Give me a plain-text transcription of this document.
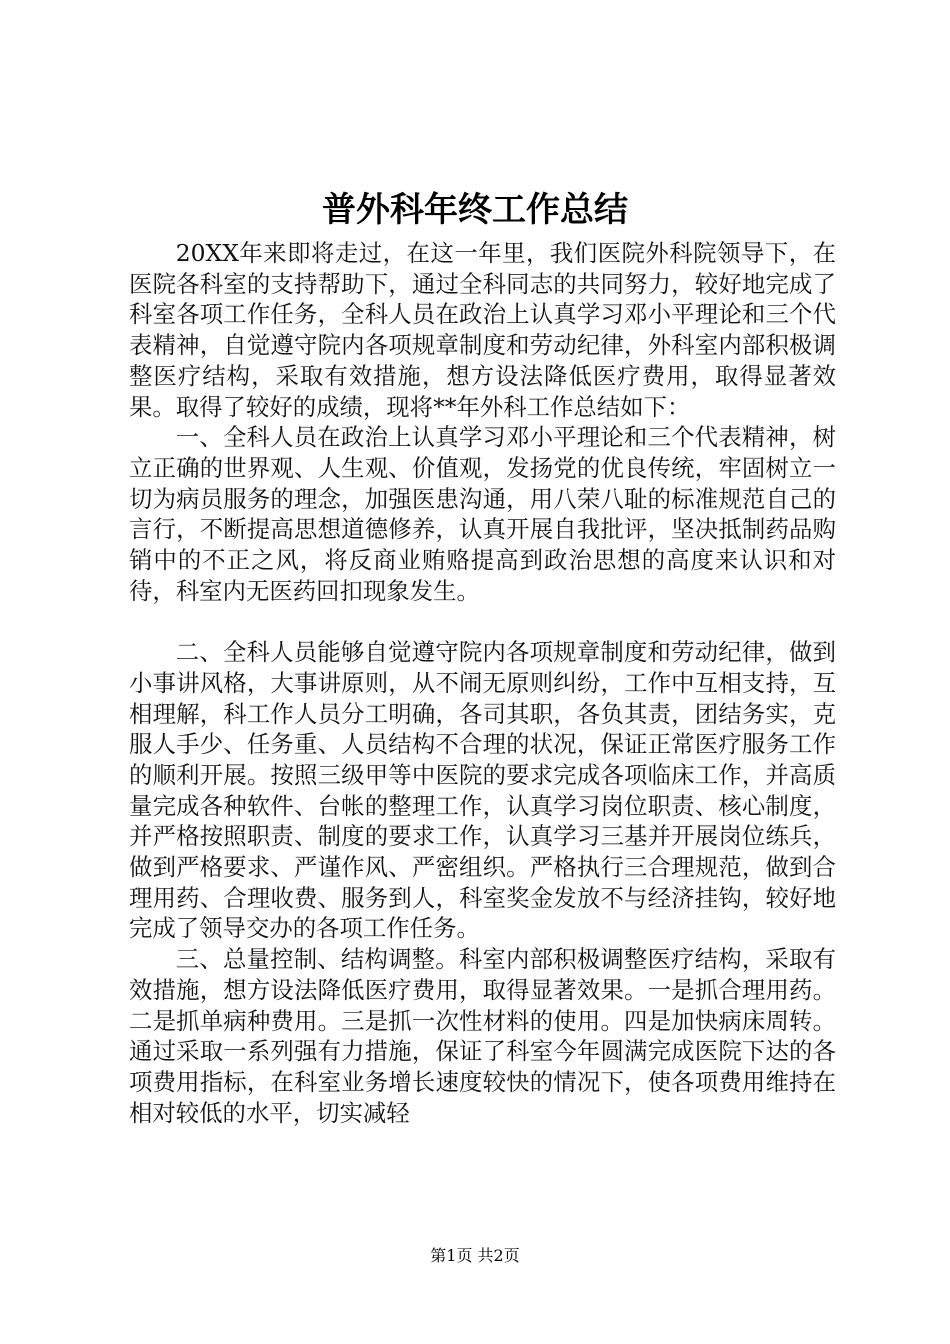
普外科年终工作总结

20XX年来即将走过，在这一年里，我们医院外科院领导下，在医院各科室的支持帮助下，通过全科同志的共同努力，较好地完成了科室各项工作任务，全科人员在政治上认真学习邓小平理论和三个代表精神，自觉遵守院内各项规章制度和劳动纪律，外科室内部积极调整医疗结构，采取有效措施，想方设法降低医疗费用，取得显著效果。取得了较好的成绩，现将**年外科工作总结如下：

一、全科人员在政治上认真学习邓小平理论和三个代表精神，树立正确的世界观、人生观、价值观，发扬党的优良传统，牢固树立一切为病员服务的理念，加强医患沟通，用八荣八耻的标准规范自己的言行，不断提高思想道德修养，认真开展自我批评，坚决抵制药品购销中的不正之风，将反商业贿赂提高到政治思想的高度来认识和对待，科室内无医药回扣现象发生。

二、全科人员能够自觉遵守院内各项规章制度和劳动纪律，做到小事讲风格，大事讲原则，从不闹无原则纠纷，工作中互相支持，互相理解，科工作人员分工明确，各司其职，各负其责，团结务实，克服人手少、任务重、人员结构不合理的状况，保证正常医疗服务工作的顺利开展。按照三级甲等中医院的要求完成各项临床工作，并高质量完成各种软件、台帐的整理工作，认真学习岗位职责、核心制度，并严格按照职责、制度的要求工作，认真学习三基并开展岗位练兵，做到严格要求、严谨作风、严密组织。严格执行三合理规范，做到合理用药、合理收费、服务到人，科室奖金发放不与经济挂钩，较好地完成了领导交办的各项工作任务。

三、总量控制、结构调整。科室内部积极调整医疗结构，采取有效措施，想方设法降低医疗费用，取得显著效果。一是抓合理用药。二是抓单病种费用。三是抓一次性材料的使用。四是加快病床周转。通过采取一系列强有力措施，保证了科室今年圆满完成医院下达的各项费用指标，在科室业务增长速度较快的情况下，使各项费用维持在相对较低的水平，切实减轻

第1页 共2页
